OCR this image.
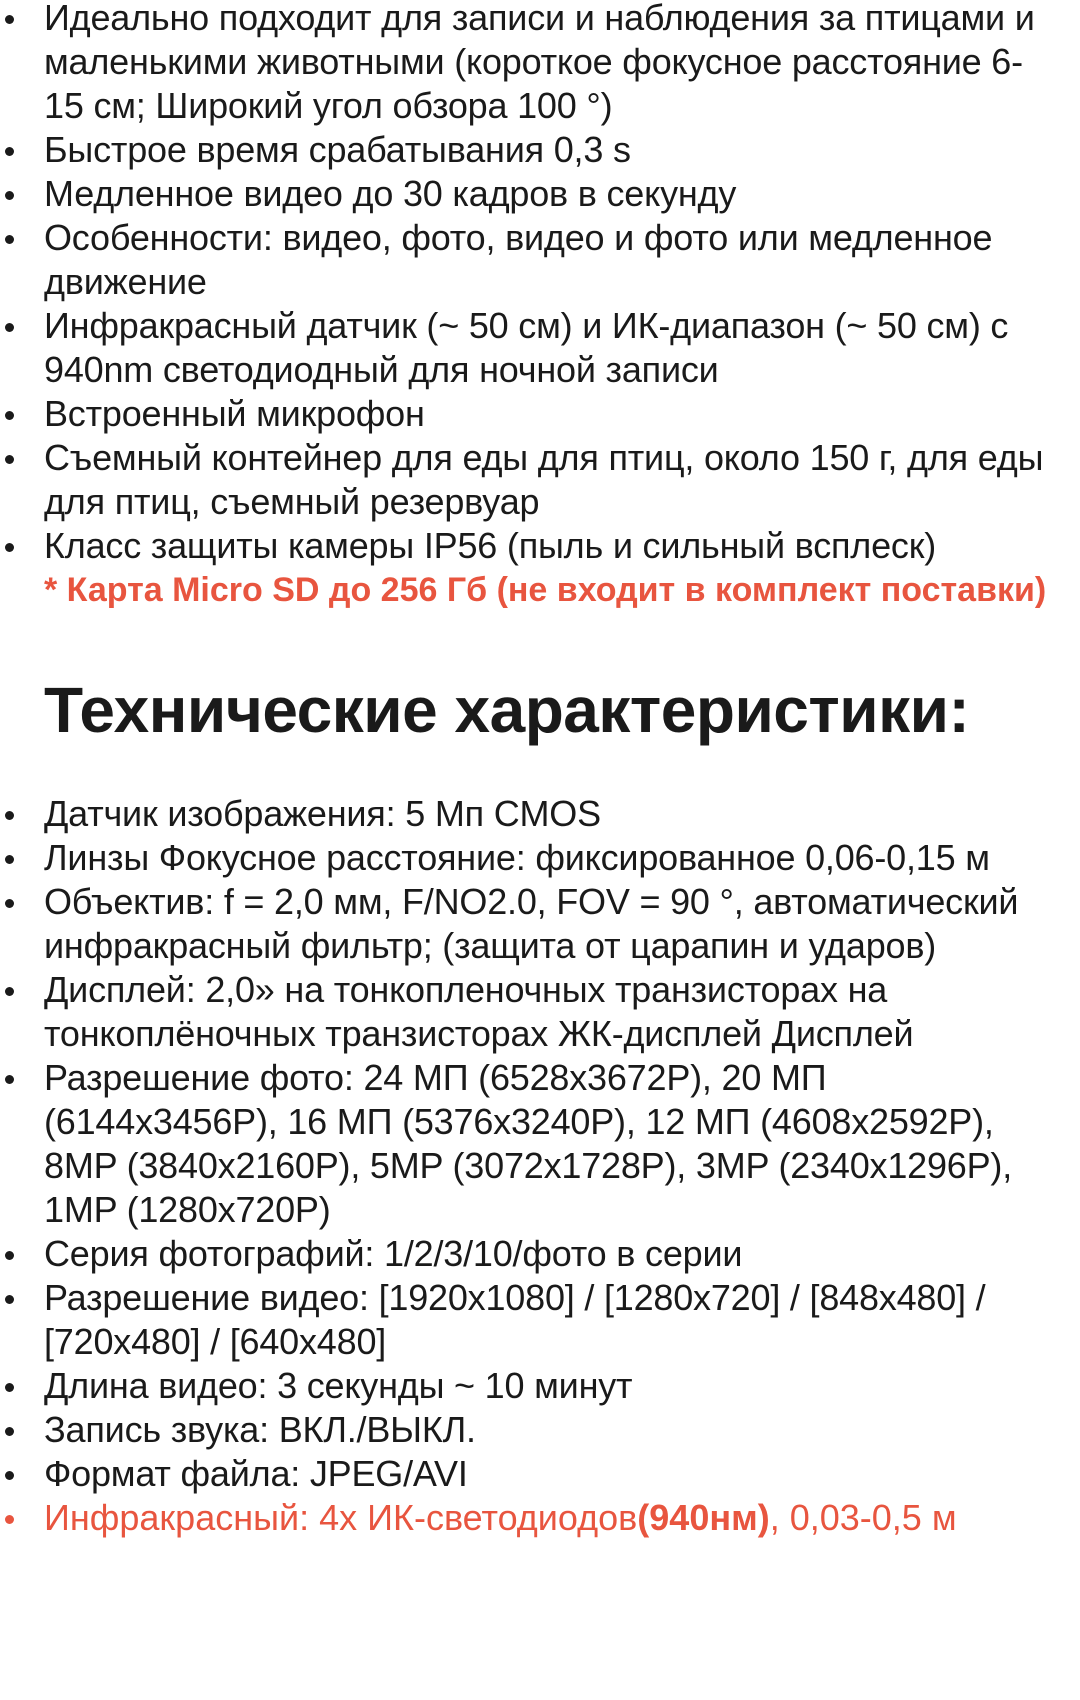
Идеально подходит для записи и наблюдения за птицами и маленькими животными (короткое фокусное расстояние 6-15 см; Широкий угол обзора 100 °)
Быстрое время срабатывания 0,3 s
Медленное видео до 30 кадров в секунду
Особенности: видео, фото, видео и фото или медленное движение
Инфракрасный датчик (~ 50 см) и ИК-диапазон (~ 50 см) с 940nm светодиодный для ночной записи
Встроенный микрофон
Съемный контейнер для еды для птиц, около 150 г, для еды для птиц, съемный резервуар
Класс защиты камеры IP56 (пыль и сильный всплеск)
* Карта Micro SD до 256 Гб (не входит в комплект поставки)
Технические характеристики:
Датчик изображения: 5 Мп CMOS
Линзы Фокусное расстояние: фиксированное 0,06-0,15 м
Объектив: f = 2,0 мм, F/NO2.0, FOV = 90 °, автоматический инфракрасный фильтр; (защита от царапин и ударов)
Дисплей: 2,0» на тонкопленочных транзисторах на тонкоплёночных транзисторах ЖК-дисплей Дисплей
Разрешение фото: 24 МП (6528x3672P), 20 МП (6144x3456P), 16 МП (5376x3240P), 12 МП (4608x2592P), 8MP (3840x2160P), 5MP (3072x1728P), 3MP (2340x1296P), 1MP (1280x720P)
Серия фотографий: 1/2/3/10/фото в серии
Разрешение видео: [1920x1080] / [1280x720] / [848x480] / [720x480] / [640x480]
Длина видео: 3 секунды ~ 10 минут
Запись звука: ВКЛ./ВЫКЛ.
Формат файла: JPEG/AVI
Инфракрасный: 4x ИК-светодиодов(940нм), 0,03-0,5 м
